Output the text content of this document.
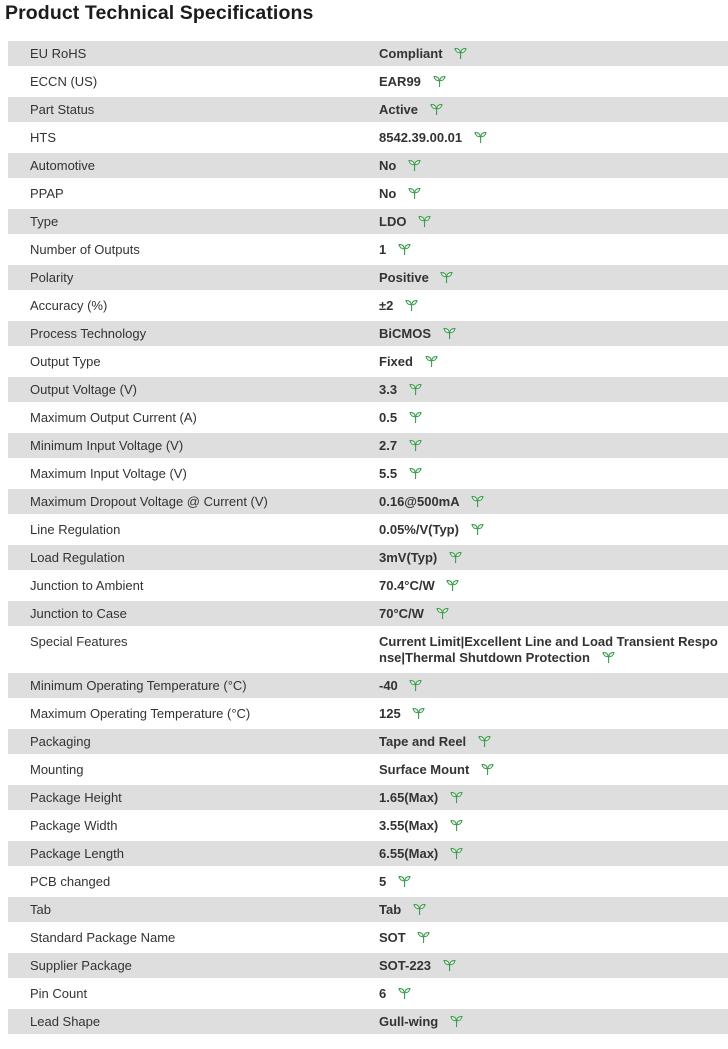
Product Technical Specifications
EU RoHS	Compliant
ECCN (US)	EAR99
Part Status	Active
HTS	8542.39.00.01
Automotive	No
PPAP	No
Type	LDO
Number of Outputs	1
Polarity	Positive
Accuracy (%)	±2
Process Technology	BiCMOS
Output Type	Fixed
Output Voltage (V)	3.3
Maximum Output Current (A)	0.5
Minimum Input Voltage (V)	2.7
Maximum Input Voltage (V)	5.5
Maximum Dropout Voltage @ Current (V)	0.16@500mA
Line Regulation	0.05%/V(Typ)
Load Regulation	3mV(Typ)
Junction to Ambient	70.4°C/W
Junction to Case	70°C/W
Special Features	Current Limit|Excellent Line and Load Transient Response|Thermal Shutdown Protection
Minimum Operating Temperature (°C)	-40
Maximum Operating Temperature (°C)	125
Packaging	Tape and Reel
Mounting	Surface Mount
Package Height	1.65(Max)
Package Width	3.55(Max)
Package Length	6.55(Max)
PCB changed	5
Tab	Tab
Standard Package Name	SOT
Supplier Package	SOT-223
Pin Count	6
Lead Shape	Gull-wing
